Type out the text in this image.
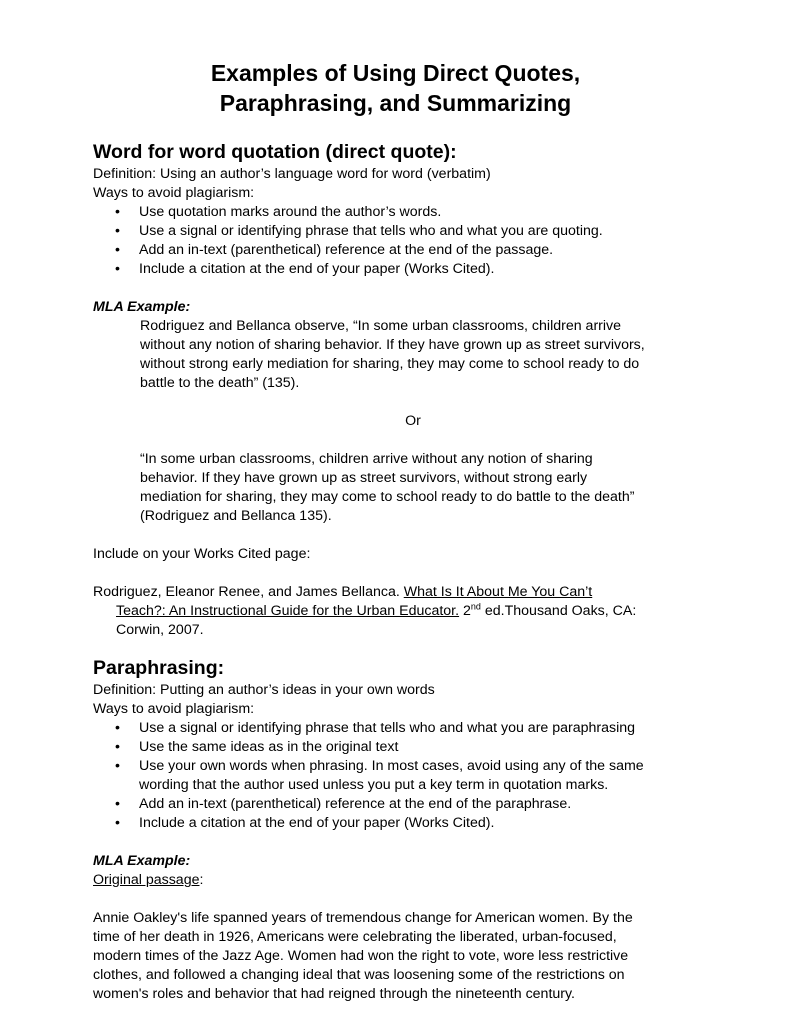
Examples of Using Direct Quotes,
Paraphrasing, and Summarizing
Word for word quotation (direct quote):
Definition: Using an author’s language word for word (verbatim)
Ways to avoid plagiarism:
• Use quotation marks around the author’s words.
• Use a signal or identifying phrase that tells who and what you are quoting.
• Add an in-text (parenthetical) reference at the end of the passage.
• Include a citation at the end of your paper (Works Cited).
MLA Example:
Rodriguez and Bellanca observe, “In some urban classrooms, children arrive
without any notion of sharing behavior. If they have grown up as street survivors,
without strong early mediation for sharing, they may come to school ready to do
battle to the death” (135).
Or
“In some urban classrooms, children arrive without any notion of sharing
behavior. If they have grown up as street survivors, without strong early
mediation for sharing, they may come to school ready to do battle to the death”
(Rodriguez and Bellanca 135).
Include on your Works Cited page:
Rodriguez, Eleanor Renee, and James Bellanca. What Is It About Me You Can’t
Teach?: An Instructional Guide for the Urban Educator. 2nd ed.Thousand Oaks, CA:
Corwin, 2007.
Paraphrasing:
Definition: Putting an author’s ideas in your own words
Ways to avoid plagiarism:
• Use a signal or identifying phrase that tells who and what you are paraphrasing
• Use the same ideas as in the original text
• Use your own words when phrasing. In most cases, avoid using any of the same
wording that the author used unless you put a key term in quotation marks.
• Add an in-text (parenthetical) reference at the end of the paraphrase.
• Include a citation at the end of your paper (Works Cited).
MLA Example:
Original passage:
Annie Oakley's life spanned years of tremendous change for American women. By the
time of her death in 1926, Americans were celebrating the liberated, urban-focused,
modern times of the Jazz Age. Women had won the right to vote, wore less restrictive
clothes, and followed a changing ideal that was loosening some of the restrictions on
women's roles and behavior that had reigned through the nineteenth century.
